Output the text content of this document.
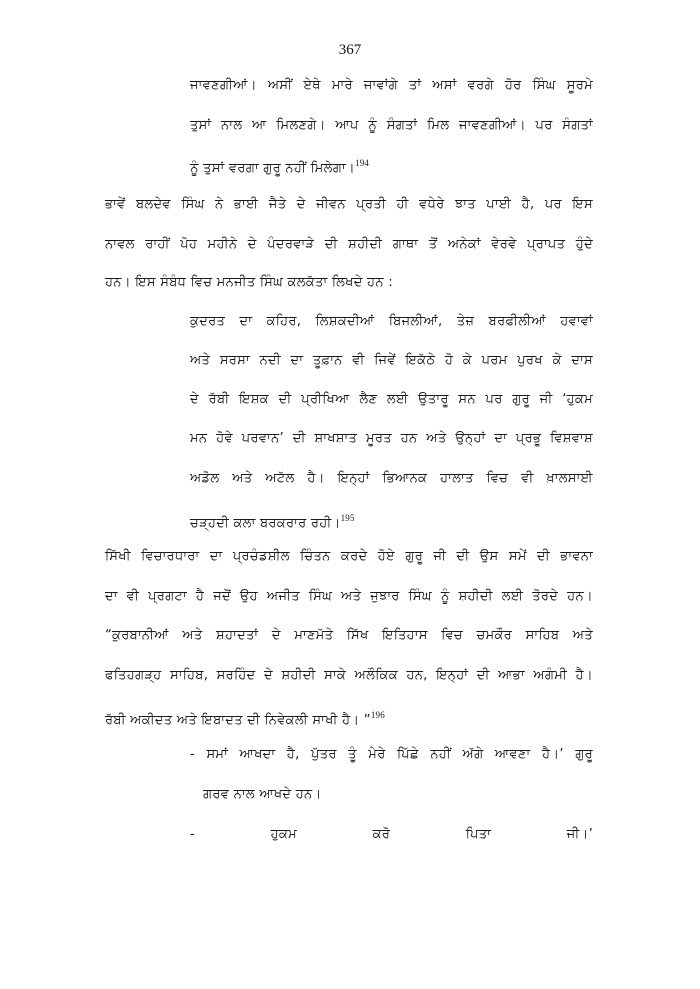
367
ਜਾਵਣਗੀਆਂ। ਅਸੀਂ ਏਥੇ ਮਾਰੇ ਜਾਵਾਂਗੇ ਤਾਂ ਅਸਾਂ ਵਰਗੇ ਹੋਰ ਸਿੰਘ ਸੂਰਮੇ
ਤੁਸਾਂ ਨਾਲ ਆ ਮਿਲਣਗੇ। ਆਪ ਨੂੰ ਸੰਗਤਾਂ ਮਿਲ ਜਾਵਣਗੀਆਂ। ਪਰ ਸੰਗਤਾਂ
ਨੂੰ ਤੁਸਾਂ ਵਰਗਾ ਗੁਰੂ ਨਹੀਂ ਮਿਲੇਗਾ।$^{194}$
ਭਾਵੇਂ ਬਲਦੇਵ ਸਿੰਘ ਨੇ ਭਾਈ ਜੈਤੇ ਦੇ ਜੀਵਨ ਪ੍ਰਤੀ ਹੀ ਵਧੇਰੇ ਝਾਤ ਪਾਈ ਹੈ, ਪਰ ਇਸ
ਨਾਵਲ ਰਾਹੀਂ ਪੋਹ ਮਹੀਨੇ ਦੇ ਪੰਦਰਵਾੜੇ ਦੀ ਸ਼ਹੀਦੀ ਗਾਥਾ ਤੋਂ ਅਨੇਕਾਂ ਵੇਰਵੇ ਪ੍ਰਾਪਤ ਹੁੰਦੇ
ਹਨ। ਇਸ ਸੰਬੰਧ ਵਿਚ ਮਨਜੀਤ ਸਿੰਘ ਕਲਕੱਤਾ ਲਿਖਦੇ ਹਨ :
ਕੁਦਰਤ ਦਾ ਕਹਿਰ, ਲਿਸ਼ਕਦੀਆਂ ਬਿਜਲੀਆਂ, ਤੇਜ਼ ਬਰਫੀਲੀਆਂ ਹਵਾਵਾਂ
ਅਤੇ ਸਰਸਾ ਨਦੀ ਦਾ ਤੂਫ਼ਾਨ ਵੀ ਜਿਵੇਂ ਇਕੱਠੇ ਹੋ ਕੇ ਪਰਮ ਪੁਰਖ ਕੇ ਦਾਸ
ਦੇ ਰੱਬੀ ਇਸ਼ਕ ਦੀ ਪ੍ਰੀਖਿਆ ਲੈਣ ਲਈ ਉਤਾਰੂ ਸਨ ਪਰ ਗੁਰੂ ਜੀ ‘ਹੁਕਮ
ਮਨ ਹੋਵੇ ਪਰਵਾਨ’ ਦੀ ਸ਼ਾਖਸ਼ਾਤ ਮੂਰਤ ਹਨ ਅਤੇ ਉਨ੍ਹਾਂ ਦਾ ਪ੍ਰਭੂ ਵਿਸ਼ਵਾਸ਼
ਅਡੋਲ ਅਤੇ ਅਟੱਲ ਹੈ। ਇਨ੍ਹਾਂ ਭਿਆਨਕ ਹਾਲਾਤ ਵਿਚ ਵੀ ਖ਼ਾਲਸਾਈ
ਚੜ੍ਹਦੀ ਕਲਾ ਬਰਕਰਾਰ ਰਹੀ।$^{195}$
ਸਿੱਖੀ ਵਿਚਾਰਧਾਰਾ ਦਾ ਪ੍ਰਚੰਡਸ਼ੀਲ ਚਿੰਤਨ ਕਰਦੇ ਹੋਏ ਗੁਰੂ ਜੀ ਦੀ ਉਸ ਸਮੇਂ ਦੀ ਭਾਵਨਾ
ਦਾ ਵੀ ਪ੍ਰਗਟਾ ਹੈ ਜਦੋਂ ਉਹ ਅਜੀਤ ਸਿੰਘ ਅਤੇ ਜੁਝਾਰ ਸਿੰਘ ਨੂੰ ਸ਼ਹੀਦੀ ਲਈ ਤੋਰਦੇ ਹਨ।
“ਕੁਰਬਾਨੀਆਂ ਅਤੇ ਸ਼ਹਾਦਤਾਂ ਦੇ ਮਾਣਮੱਤੇ ਸਿੱਖ ਇਤਿਹਾਸ ਵਿਚ ਚਮਕੌਰ ਸਾਹਿਬ ਅਤੇ
ਫਤਿਹਗੜ੍ਹ ਸਾਹਿਬ, ਸਰਹਿੰਦ ਦੇ ਸ਼ਹੀਦੀ ਸਾਕੇ ਅਲੌਕਿਕ ਹਨ, ਇਨ੍ਹਾਂ ਦੀ ਆਭਾ ਅਗੰਮੀ ਹੈ।
ਰੱਬੀ ਅਕੀਦਤ ਅਤੇ ਇਬਾਦਤ ਦੀ ਨਿਵੇਕਲੀ ਸਾਖੀ ਹੈ। ”$^{196}$
- ਸਮਾਂ ਆਖਦਾ ਹੈ, ਪੁੱਤਰ ਤੂੰ ਮੇਰੇ ਪਿੱਛੇ ਨਹੀਂ ਅੱਗੇ ਆਵਣਾ ਹੈ।’ ਗੁਰੂ
ਗਰਵ ਨਾਲ ਆਖਦੇ ਹਨ।
- ਹੁਕਮ ਕਰੋ ਪਿਤਾ ਜੀ।’
